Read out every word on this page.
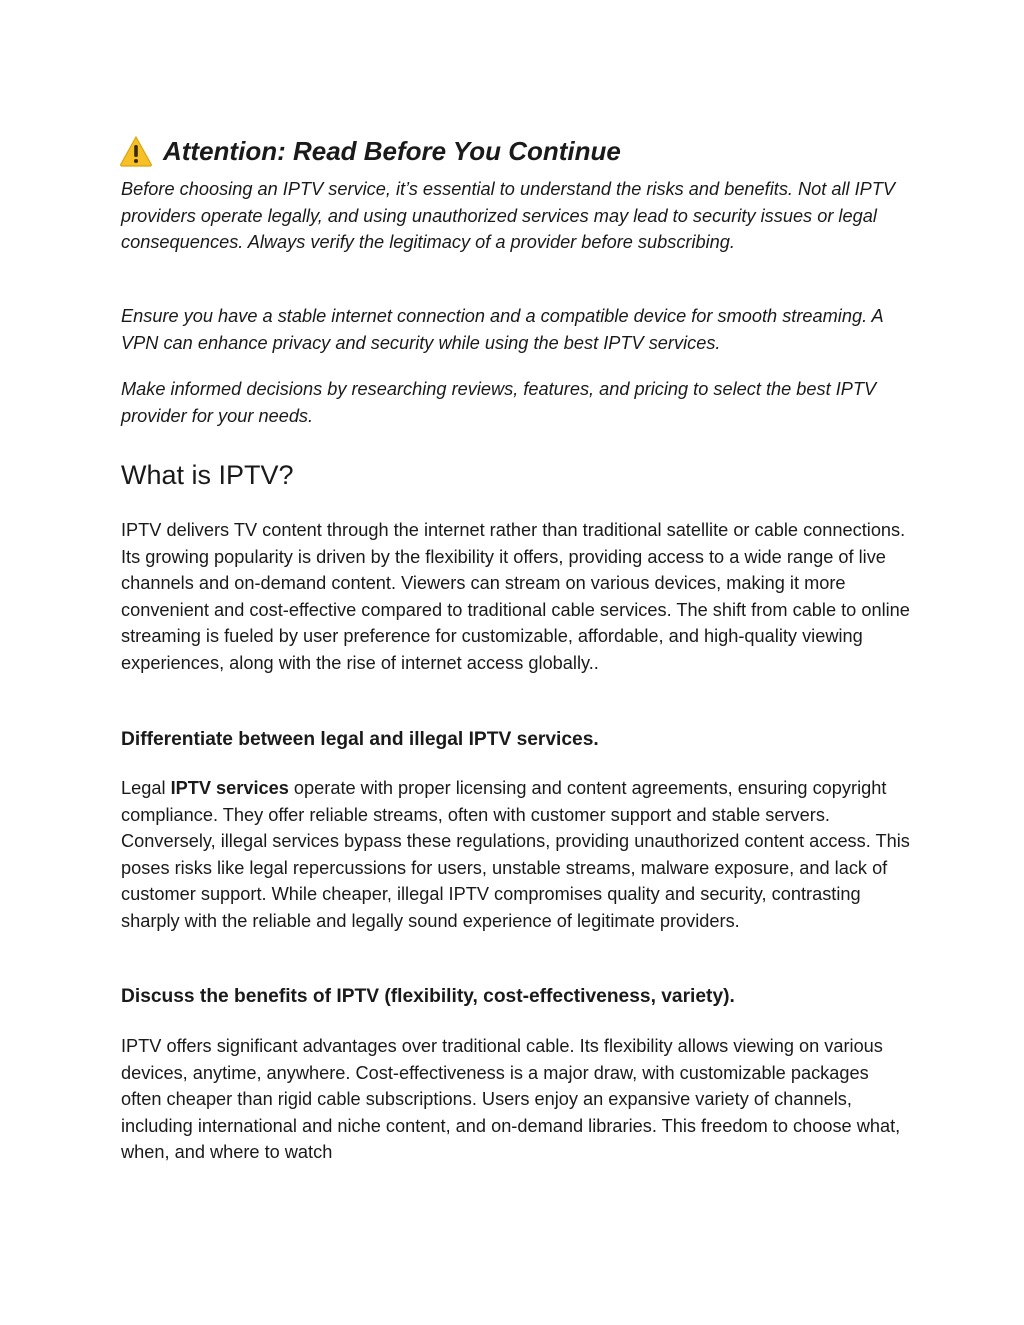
Attention: Read Before You Continue

Before choosing an IPTV service, it’s essential to understand the risks and benefits. Not all IPTV providers operate legally, and using unauthorized services may lead to security issues or legal consequences. Always verify the legitimacy of a provider before subscribing.

Ensure you have a stable internet connection and a compatible device for smooth streaming. A VPN can enhance privacy and security while using the best IPTV services.

Make informed decisions by researching reviews, features, and pricing to select the best IPTV provider for your needs.

What is IPTV?

IPTV delivers TV content through the internet rather than traditional satellite or cable connections. Its growing popularity is driven by the flexibility it offers, providing access to a wide range of live channels and on-demand content. Viewers can stream on various devices, making it more convenient and cost-effective compared to traditional cable services. The shift from cable to online streaming is fueled by user preference for customizable, affordable, and high-quality viewing experiences, along with the rise of internet access globally..

Differentiate between legal and illegal IPTV services.

Legal IPTV services operate with proper licensing and content agreements, ensuring copyright compliance. They offer reliable streams, often with customer support and stable servers. Conversely, illegal services bypass these regulations, providing unauthorized content access. This poses risks like legal repercussions for users, unstable streams, malware exposure, and lack of customer support. While cheaper, illegal IPTV compromises quality and security, contrasting sharply with the reliable and legally sound experience of legitimate providers.

Discuss the benefits of IPTV (flexibility, cost-effectiveness, variety).

IPTV offers significant advantages over traditional cable. Its flexibility allows viewing on various devices, anytime, anywhere. Cost-effectiveness is a major draw, with customizable packages often cheaper than rigid cable subscriptions. Users enjoy an expansive variety of channels, including international and niche content, and on-demand libraries. This freedom to choose what, when, and where to watch
